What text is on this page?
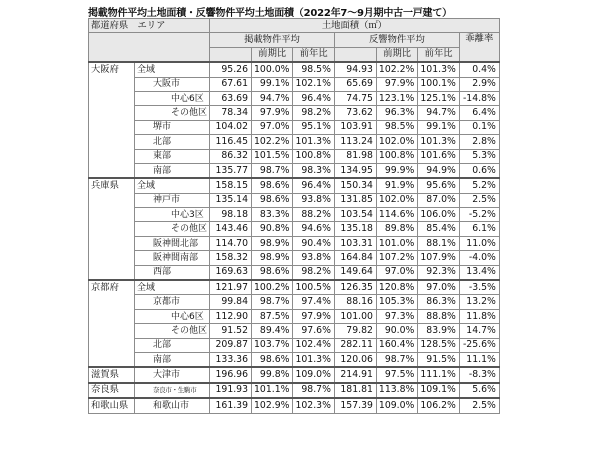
掲載物件平均土地面積・反響物件平均土地面積（2022年7～9月期中古一戸建て）
都道府県　エリア		土地面積（㎡）						
		掲載物件平均			反響物件平均			乖離率
			前期比	前年比		前期比	前年比	
大阪府	全域	95.26	100.0%	98.5%	94.93	102.2%	101.3%	0.4%
	大阪市	67.61	99.1%	102.1%	65.69	97.9%	100.1%	2.9%
	中心6区	63.69	94.7%	96.4%	74.75	123.1%	125.1%	-14.8%
	その他区	78.34	97.9%	98.2%	73.62	96.3%	94.7%	6.4%
	堺市	104.02	97.0%	95.1%	103.91	98.5%	99.1%	0.1%
	北部	116.45	102.2%	101.3%	113.24	102.0%	101.3%	2.8%
	東部	86.32	101.5%	100.8%	81.98	100.8%	101.6%	5.3%
	南部	135.77	98.7%	98.3%	134.95	99.9%	94.9%	0.6%
兵庫県	全域	158.15	98.6%	96.4%	150.34	91.9%	95.6%	5.2%
	神戸市	135.14	98.6%	93.8%	131.85	102.0%	87.0%	2.5%
	中心3区	98.18	83.3%	88.2%	103.54	114.6%	106.0%	-5.2%
	その他区	143.46	90.8%	94.6%	135.18	89.8%	85.4%	6.1%
	阪神間北部	114.70	98.9%	90.4%	103.31	101.0%	88.1%	11.0%
	阪神間南部	158.32	98.9%	93.8%	164.84	107.2%	107.9%	-4.0%
	西部	169.63	98.6%	98.2%	149.64	97.0%	92.3%	13.4%
京都府	全域	121.97	100.2%	100.5%	126.35	120.8%	97.0%	-3.5%
	京都市	99.84	98.7%	97.4%	88.16	105.3%	86.3%	13.2%
	中心6区	112.90	87.5%	97.9%	101.00	97.3%	88.8%	11.8%
	その他区	91.52	89.4%	97.6%	79.82	90.0%	83.9%	14.7%
	北部	209.87	103.7%	102.4%	282.11	160.4%	128.5%	-25.6%
	南部	133.36	98.6%	101.3%	120.06	98.7%	91.5%	11.1%
滋賀県	大津市	196.96	99.8%	109.0%	214.91	97.5%	111.1%	-8.3%
奈良県	奈良市・生駒市	191.93	101.1%	98.7%	181.81	113.8%	109.1%	5.6%
和歌山県	和歌山市	161.39	102.9%	102.3%	157.39	109.0%	106.2%	2.5%
